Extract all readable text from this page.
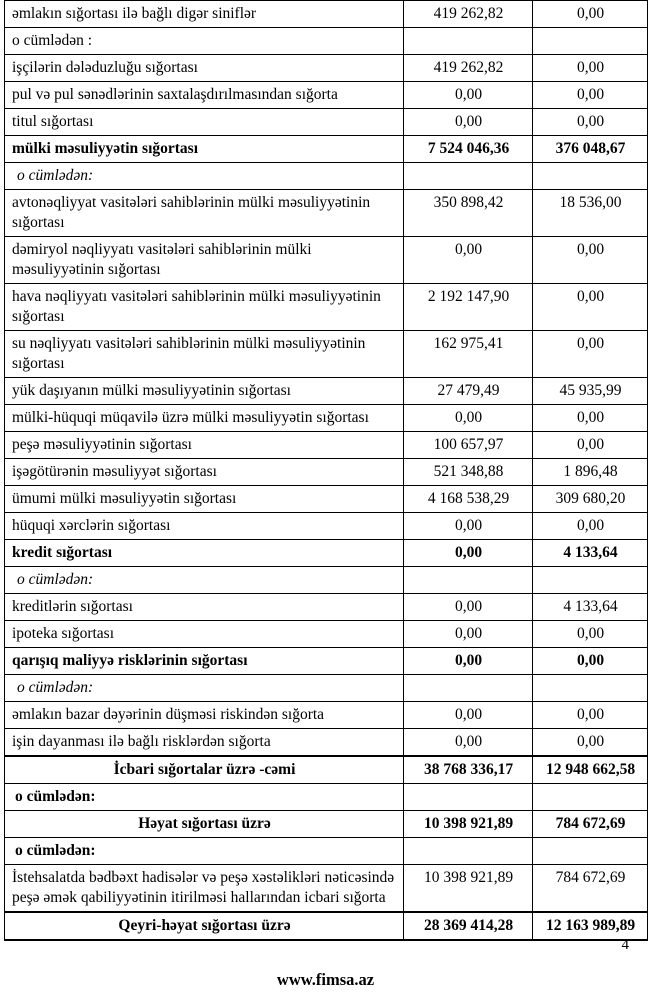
əmlakın sığortası ilə bağlı digər siniflər	419 262,82	0,00
o cümlədən :		
işçilərin dələduzluğu sığortası	419 262,82	0,00
pul və pul sənədlərinin saxtalaşdırılmasından sığorta	0,00	0,00
titul sığortası	0,00	0,00
mülki məsuliyyətin sığortası	7 524 046,36	376 048,67
o cümlədən:		
avtonəqliyyat vasitələri sahiblərinin mülki məsuliyyətinin sığortası	350 898,42	18 536,00
dəmiryol nəqliyyatı vasitələri sahiblərinin mülki məsuliyyətinin sığortası	0,00	0,00
hava nəqliyyatı vasitələri sahiblərinin mülki məsuliyyətinin sığortası	2 192 147,90	0,00
su nəqliyyatı vasitələri sahiblərinin mülki məsuliyyətinin sığortası	162 975,41	0,00
yük daşıyanın mülki məsuliyyətinin sığortası	27 479,49	45 935,99
mülki-hüquqi müqavilə üzrə mülki məsuliyyətin sığortası	0,00	0,00
peşə məsuliyyətinin sığortası	100 657,97	0,00
işəgötürənin məsuliyyət sığortası	521 348,88	1 896,48
ümumi mülki məsuliyyətin sığortası	4 168 538,29	309 680,20
hüquqi xərclərin sığortası	0,00	0,00
kredit sığortası	0,00	4 133,64
o cümlədən:		
kreditlərin sığortası	0,00	4 133,64
ipoteka sığortası	0,00	0,00
qarışıq maliyyə risklərinin sığortası	0,00	0,00
o cümlədən:		
əmlakın bazar dəyərinin düşməsi riskindən sığorta	0,00	0,00
işin dayanması ilə bağlı risklərdən sığorta	0,00	0,00
İcbari sığortalar üzrə -cəmi	38 768 336,17	12 948 662,58
o cümlədən:		
Həyat sığortası üzrə	10 398 921,89	784 672,69
o cümlədən:		
İstehsalatda bədbəxt hadisələr və peşə xəstəlikləri nəticəsində peşə əmək qabiliyyətinin itirilməsi hallarından icbari sığorta	10 398 921,89	784 672,69
Qeyri-həyat sığortası üzrə	28 369 414,28	12 163 989,89
4
www.fimsa.az
